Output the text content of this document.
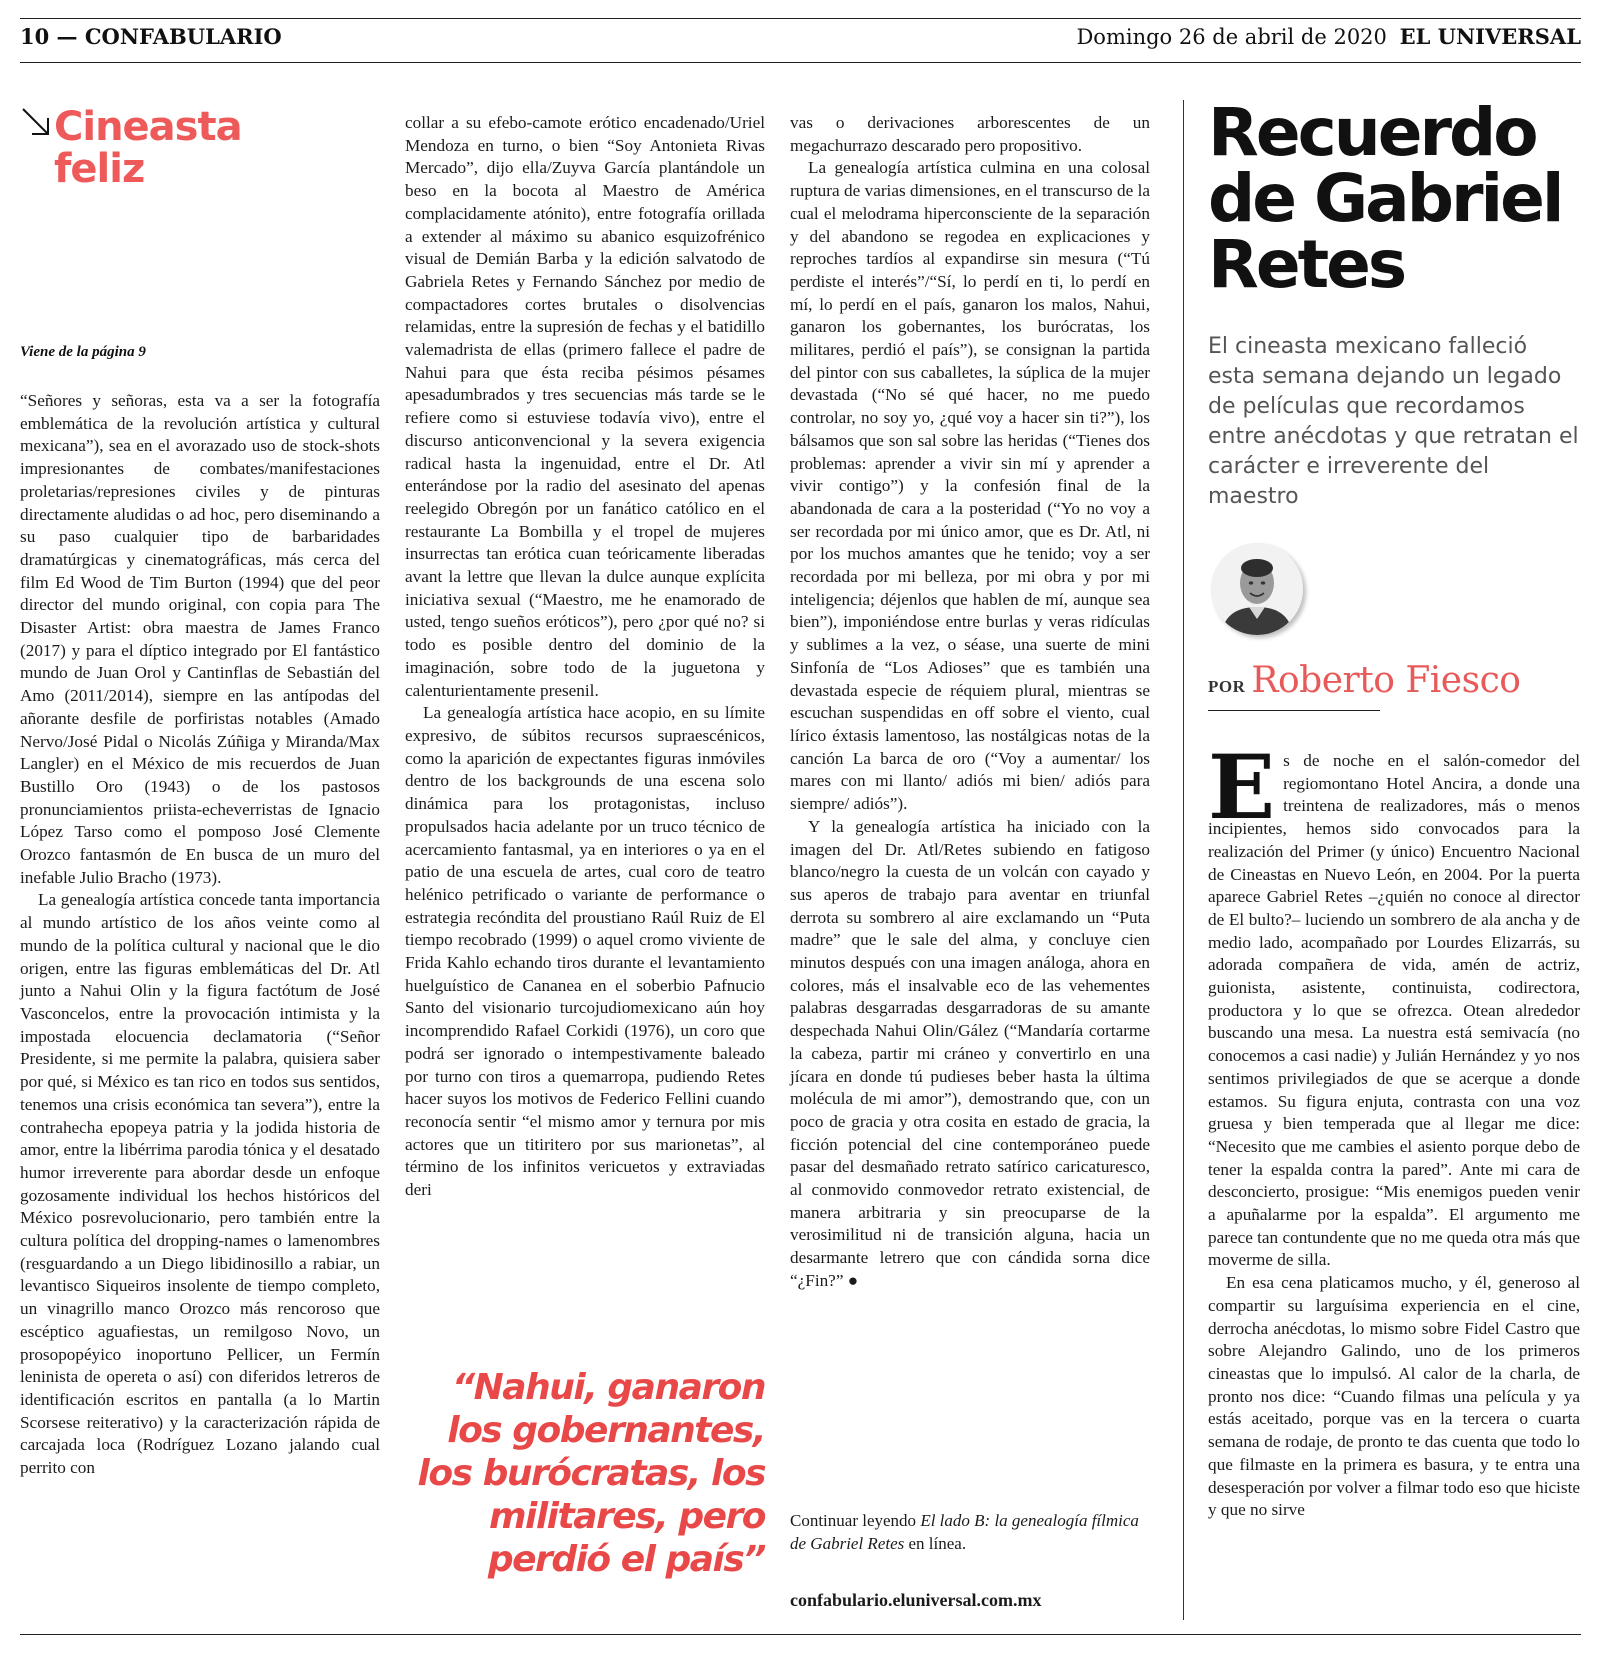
10 — CONFABULARIO	Domingo 26 de abril de 2020 EL UNIVERSAL
Cineasta
feliz
Viene de la página 9

“Señores y señoras, esta va a ser la fotografía emblemática de la revolución artística y cultural mexicana”), sea en el avorazado uso de stock-shots impresionantes de combates/manifestaciones proletarias/represiones civiles y de pinturas directamente aludidas o ad hoc, pero diseminando a su paso cualquier tipo de barbaridades dramatúrgicas y cinematográficas, más cerca del film Ed Wood de Tim Burton (1994) que del peor director del mundo original, con copia para The Disaster Artist: obra maestra de James Franco (2017) y para el díptico integrado por El fantástico mundo de Juan Orol y Cantinflas de Sebastián del Amo (2011/2014), siempre en las antípodas del añorante desfile de porfiristas notables (Amado Nervo/José Pidal o Nicolás Zúñiga y Miranda/Max Langler) en el México de mis recuerdos de Juan Bustillo Oro (1943) o de los pastosos pronunciamientos priista-echeverristas de Ignacio López Tarso como el pomposo José Clemente Orozco fantasmón de En busca de un muro del inefable Julio Bracho (1973).

La genealogía artística concede tanta importancia al mundo artístico de los años veinte como al mundo de la política cultural y nacional que le dio origen, entre las figuras emblemáticas del Dr. Atl junto a Nahui Olin y la figura factótum de José Vasconcelos, entre la provocación intimista y la impostada elocuencia declamatoria (“Señor Presidente, si me permite la palabra, quisiera saber por qué, si México es tan rico en todos sus sentidos, tenemos una crisis económica tan severa”), entre la contrahecha epopeya patria y la jodida historia de amor, entre la libérrima parodia tónica y el desatado humor irreverente para abordar desde un enfoque gozosamente individual los hechos históricos del México posrevolucionario, pero también entre la cultura política del dropping-names o lamenombres (resguardando a un Diego libidinosillo a rabiar, un levantisco Siqueiros insolente de tiempo completo, un vinagrillo manco Orozco más rencoroso que escéptico aguafiestas, un remilgoso Novo, un prosopopéyico inoportuno Pellicer, un Fermín leninista de opereta o así) con diferidos letreros de identificación escritos en pantalla (a lo Martin Scorsese reiterativo) y la caracterización rápida de carcajada loca (Rodríguez Lozano jalando cual perrito con

collar a su efebo-camote erótico encadenado/Uriel Mendoza en turno, o bien “Soy Antonieta Rivas Mercado”, dijo ella/Zuyva García plantándole un beso en la bocota al Maestro de América complacidamente atónito), entre fotografía orillada a extender al máximo su abanico esquizofrénico visual de Demián Barba y la edición salvatodo de Gabriela Retes y Fernando Sánchez por medio de compactadores cortes brutales o disolvencias relamidas, entre la supresión de fechas y el batidillo valemadrista de ellas (primero fallece el padre de Nahui para que ésta reciba pésimos pésames apesadumbrados y tres secuencias más tarde se le refiere como si estuviese todavía vivo), entre el discurso anticonvencional y la severa exigencia radical hasta la ingenuidad, entre el Dr. Atl enterándose por la radio del asesinato del apenas reelegido Obregón por un fanático católico en el restaurante La Bombilla y el tropel de mujeres insurrectas tan erótica cuan teóricamente liberadas avant la lettre que llevan la dulce aunque explícita iniciativa sexual (“Maestro, me he enamorado de usted, tengo sueños eróticos”), pero ¿por qué no? si todo es posible dentro del dominio de la imaginación, sobre todo de la juguetona y calenturientamente presenil.

La genealogía artística hace acopio, en su límite expresivo, de súbitos recursos supraescénicos, como la aparición de expectantes figuras inmóviles dentro de los backgrounds de una escena solo dinámica para los protagonistas, incluso propulsados hacia adelante por un truco técnico de acercamiento fantasmal, ya en interiores o ya en el patio de una escuela de artes, cual coro de teatro helénico petrificado o variante de performance o estrategia recóndita del proustiano Raúl Ruiz de El tiempo recobrado (1999) o aquel cromo viviente de Frida Kahlo echando tiros durante el levantamiento huelguístico de Cananea en el soberbio Pafnucio Santo del visionario turcojudiomexicano aún hoy incomprendido Rafael Corkidi (1976), un coro que podrá ser ignorado o intempestivamente baleado por turno con tiros a quemarropa, pudiendo Retes hacer suyos los motivos de Federico Fellini cuando reconocía sentir “el mismo amor y ternura por mis actores que un titiritero por sus marionetas”, al término de los infinitos vericuetos y extraviadas deri

“Nahui, ganaron los gobernantes, los burócratas, los militares, pero perdió el país”

vas o derivaciones arborescentes de un megachurrazo descarado pero propositivo.

La genealogía artística culmina en una colosal ruptura de varias dimensiones, en el transcurso de la cual el melodrama hiperconsciente de la separación y del abandono se regodea en explicaciones y reproches tardíos al expandirse sin mesura (“Tú perdiste el interés”/“Sí, lo perdí en ti, lo perdí en mí, lo perdí en el país, ganaron los malos, Nahui, ganaron los gobernantes, los burócratas, los militares, perdió el país”), se consignan la partida del pintor con sus caballetes, la súplica de la mujer devastada (“No sé qué hacer, no me puedo controlar, no soy yo, ¿qué voy a hacer sin ti?”), los bálsamos que son sal sobre las heridas (“Tienes dos problemas: aprender a vivir sin mí y aprender a vivir contigo”) y la confesión final de la abandonada de cara a la posteridad (“Yo no voy a ser recordada por mi único amor, que es Dr. Atl, ni por los muchos amantes que he tenido; voy a ser recordada por mi belleza, por mi obra y por mi inteligencia; déjenlos que hablen de mí, aunque sea bien”), imponiéndose entre burlas y veras ridículas y sublimes a la vez, o séase, una suerte de mini Sinfonía de “Los Adioses” que es también una devastada especie de réquiem plural, mientras se escuchan suspendidas en off sobre el viento, cual lírico éxtasis lamentoso, las nostálgicas notas de la canción La barca de oro (“Voy a aumentar/ los mares con mi llanto/ adiós mi bien/ adiós para siempre/ adiós”).

Y la genealogía artística ha iniciado con la imagen del Dr. Atl/Retes subiendo en fatigoso blanco/negro la cuesta de un volcán con cayado y sus aperos de trabajo para aventar en triunfal derrota su sombrero al aire exclamando un “Puta madre” que le sale del alma, y concluye cien minutos después con una imagen análoga, ahora en colores, más el insalvable eco de las vehementes palabras desgarradas desgarradoras de su amante despechada Nahui Olin/Gález (“Mandaría cortarme la cabeza, partir mi cráneo y convertirlo en una jícara en donde tú pudieses beber hasta la última molécula de mi amor”), demostrando que, con un poco de gracia y otra cosita en estado de gracia, la ficción potencial del cine contemporáneo puede pasar del desmañado retrato satírico caricaturesco, al conmovido conmovedor retrato existencial, de manera arbitraria y sin preocuparse de la verosimilitud ni de transición alguna, hacia un desarmante letrero que con cándida sorna dice “¿Fin?” ●

Continuar leyendo El lado B: la genealogía fílmica de Gabriel Retes en línea.
confabulario.eluniversal.com.mx
Recuerdo de Gabriel Retes
El cineasta mexicano falleció esta semana dejando un legado de películas que recordamos entre anécdotas y que retratan el carácter e irreverente del maestro
POR Roberto Fiesco

Es de noche en el salón-comedor del regiomontano Hotel Ancira, a donde una treintena de realizadores, más o menos incipientes, hemos sido convocados para la realización del Primer (y único) Encuentro Nacional de Cineastas en Nuevo León, en 2004. Por la puerta aparece Gabriel Retes –¿quién no conoce al director de El bulto?– luciendo un sombrero de ala ancha y de medio lado, acompañado por Lourdes Elizarrás, su adorada compañera de vida, amén de actriz, guionista, asistente, continuista, codirectora, productora y lo que se ofrezca. Otean alrededor buscando una mesa. La nuestra está semivacía (no conocemos a casi nadie) y Julián Hernández y yo nos sentimos privilegiados de que se acerque a donde estamos. Su figura enjuta, contrasta con una voz gruesa y bien temperada que al llegar me dice: “Necesito que me cambies el asiento porque debo de tener la espalda contra la pared”. Ante mi cara de desconcierto, prosigue: “Mis enemigos pueden venir a apuñalarme por la espalda”. El argumento me parece tan contundente que no me queda otra más que moverme de silla.

En esa cena platicamos mucho, y él, generoso al compartir su larguísima experiencia en el cine, derrocha anécdotas, lo mismo sobre Fidel Castro que sobre Alejandro Galindo, uno de los primeros cineastas que lo impulsó. Al calor de la charla, de pronto nos dice: “Cuando filmas una película y ya estás aceitado, porque vas en la tercera o cuarta semana de rodaje, de pronto te das cuenta que todo lo que filmaste en la primera es basura, y te entra una desesperación por volver a filmar todo eso que hiciste y que no sirve
